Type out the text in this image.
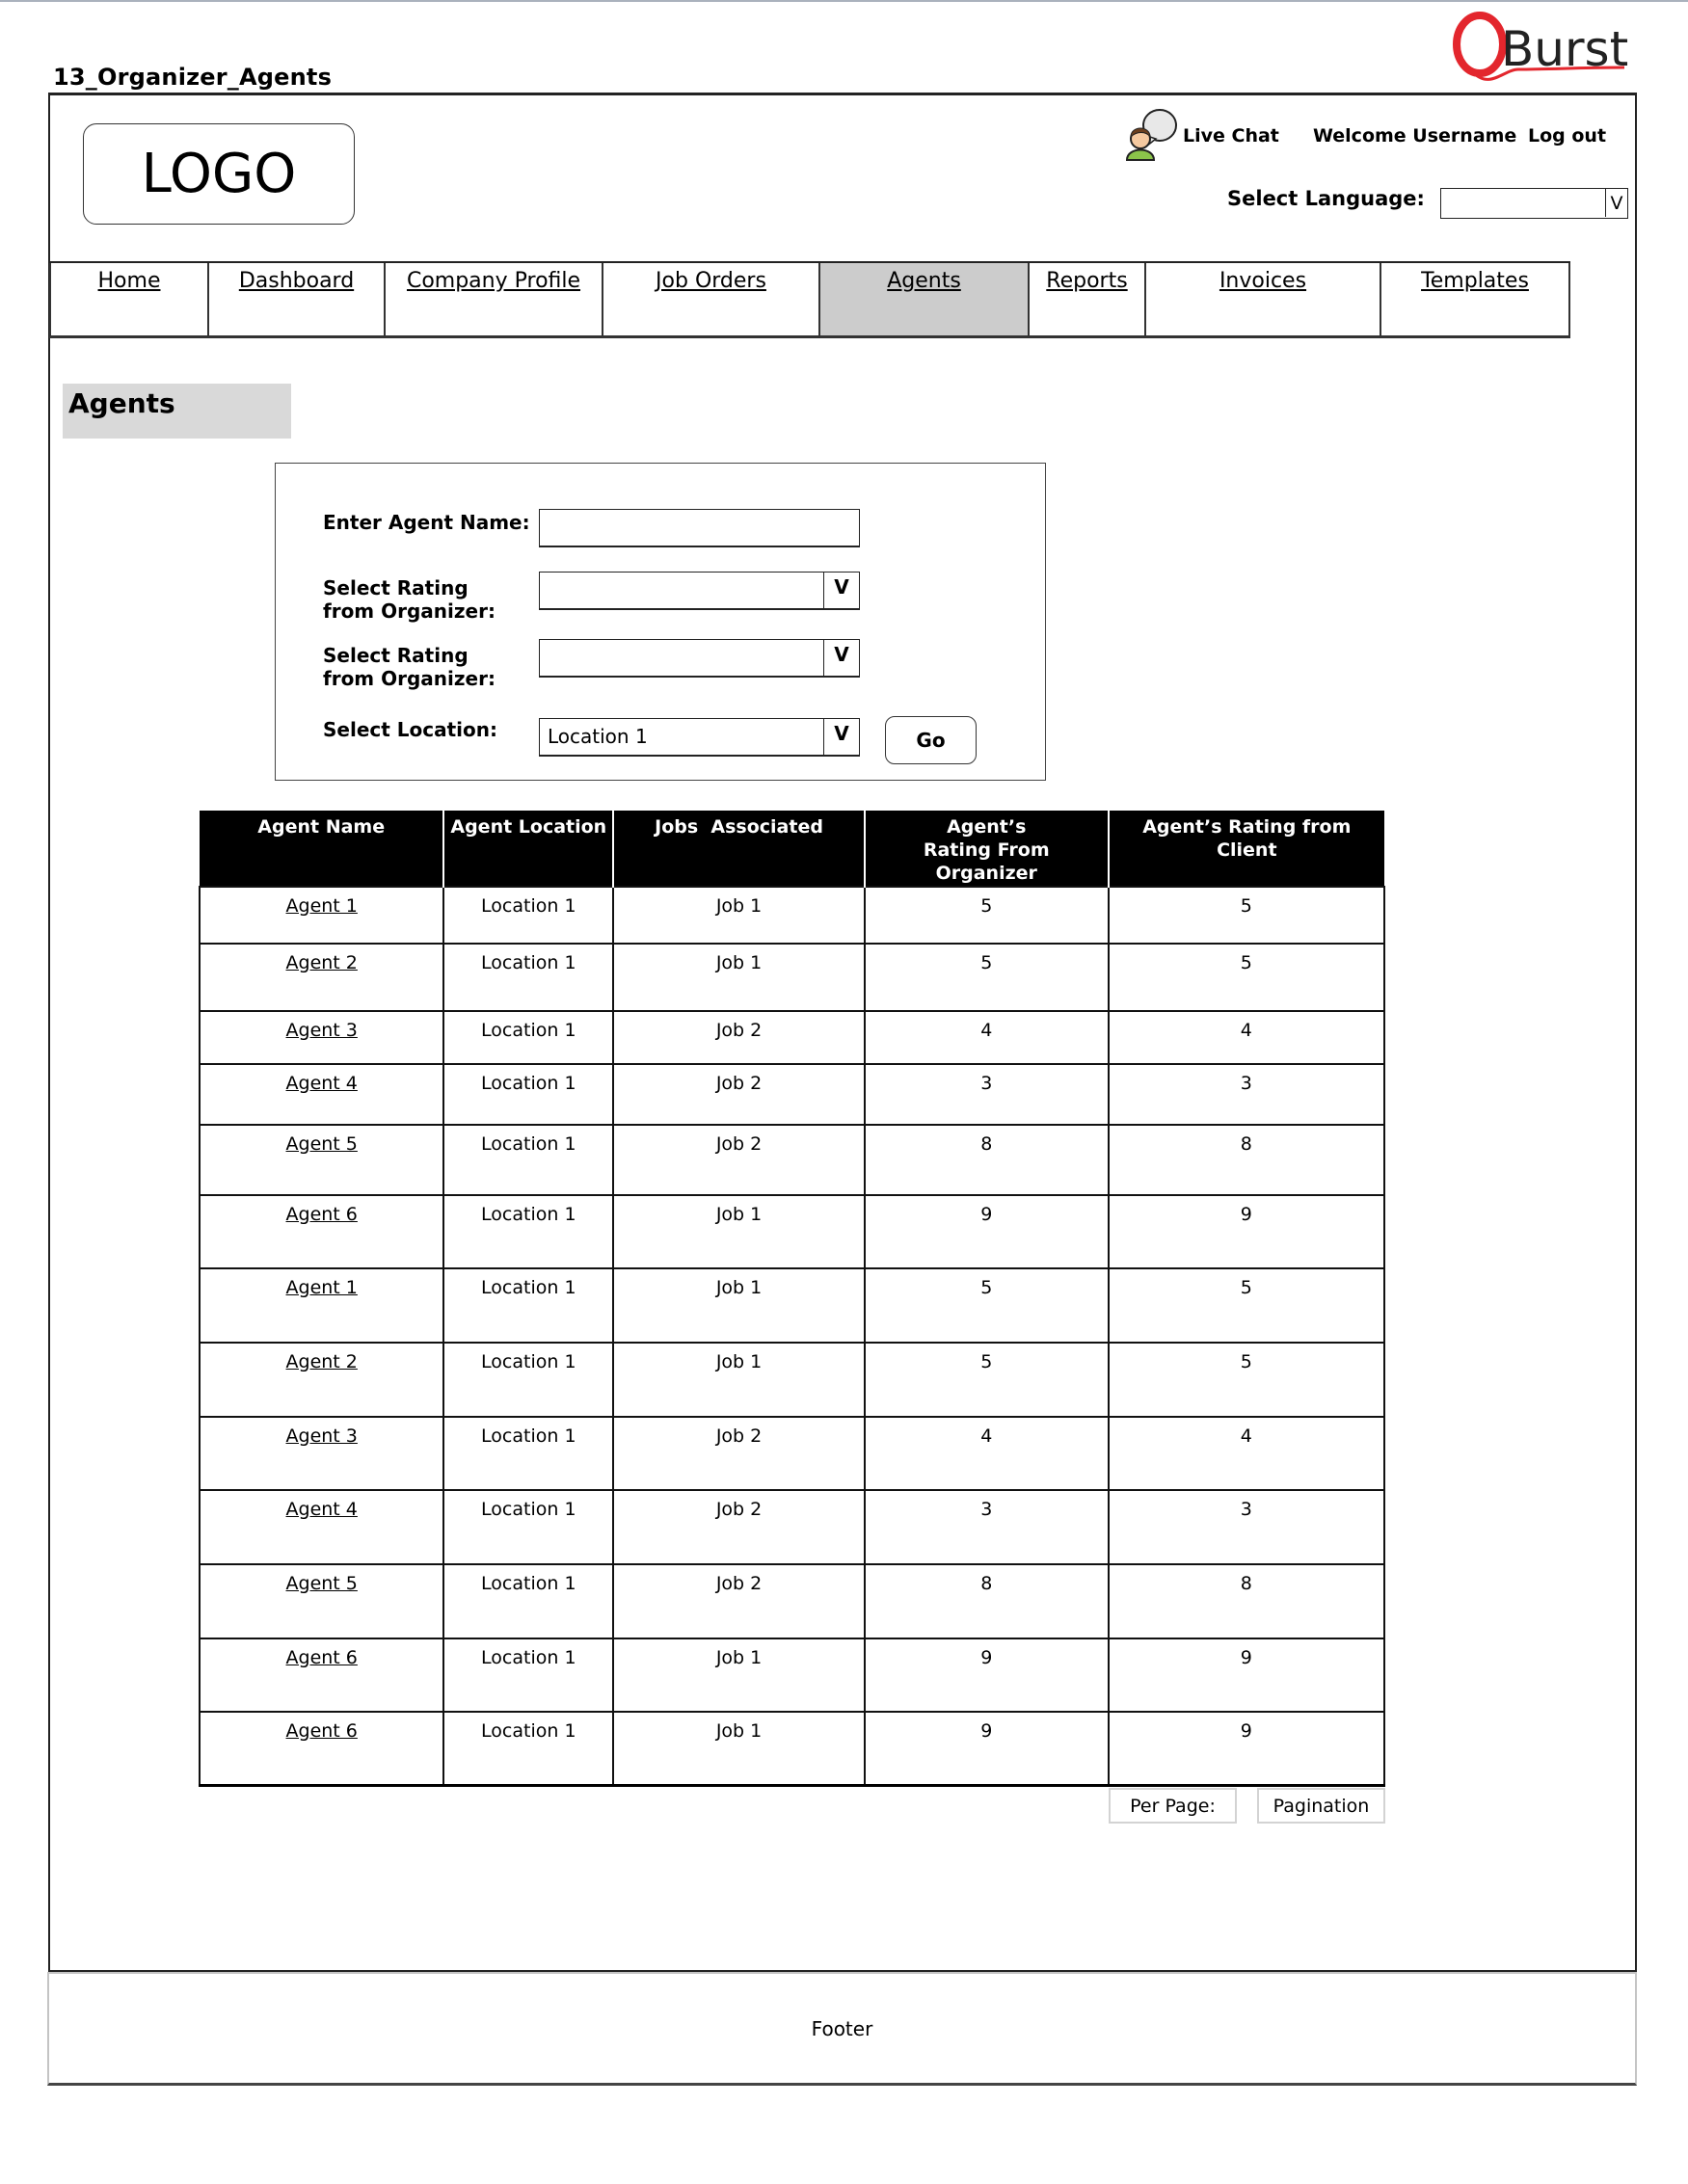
13_Organizer_Agents	Burst
LOGO
Live Chat Welcome Username Log out
Select Language:	V
Home	Dashboard	Company Profile	Job Orders	Agents	Reports	Invoices	Templates
Agents
Enter Agent Name:
Select Rating from Organizer:
V
Select Rating from Organizer:
V
Select Location:	Location 1	V	Go
Agent Name	Agent Location	Jobs  Associated	Agent’s Rating From Organizer	Agent’s Rating from Client
Agent 1	Location 1	Job 1	5	5
Agent 2	Location 1	Job 1	5	5
Agent 3	Location 1	Job 2	4	4
Agent 4	Location 1	Job 2	3	3
Agent 5	Location 1	Job 2	8	8
Agent 6	Location 1	Job 1	9	9
Agent 1	Location 1	Job 1	5	5
Agent 2	Location 1	Job 1	5	5
Agent 3	Location 1	Job 2	4	4
Agent 4	Location 1	Job 2	3	3
Agent 5	Location 1	Job 2	8	8
Agent 6	Location 1	Job 1	9	9
Agent 6	Location 1	Job 1	9	9
Per Page:	Pagination
Footer
